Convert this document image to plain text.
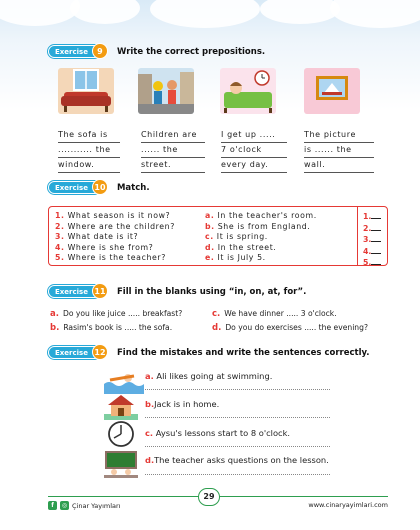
Exercise	9	Write the correct prepositions.
The sofa is
........... the
window.
Children are
...... the
street.
I get up .....
7 o'clock
every day.
The picture
is ...... the
wall.
Exercise 10 Match.
1. What season is it now?
2. Where are the children?
3. What date is it?
4. Where is she from?
5. Where is the teacher?
a. In the teacher's room.
b. She is from England.
c. It is spring.
d. In the street.
e. It is July 5.
1.
2.
3.
4.
5.
Exercise 11 Fill in the blanks using “in, on, at, for”.
a. Do you like juice ..... breakfast?	c. We have dinner ..... 3 o'clock.
b. Rasim's book is ..... the sofa.	d. Do you do exercises ..... the evening?
Exercise 12 Find the mistakes and write the sentences correctly.
a. Ali likes going at swimming.
b.Jack is in home.
c. Aysu's lessons start to 8 o'clock.
d.The teacher asks questions on the lesson.
f	◎ Çinar Yayımları
29
www.cinaryayimlari.com
